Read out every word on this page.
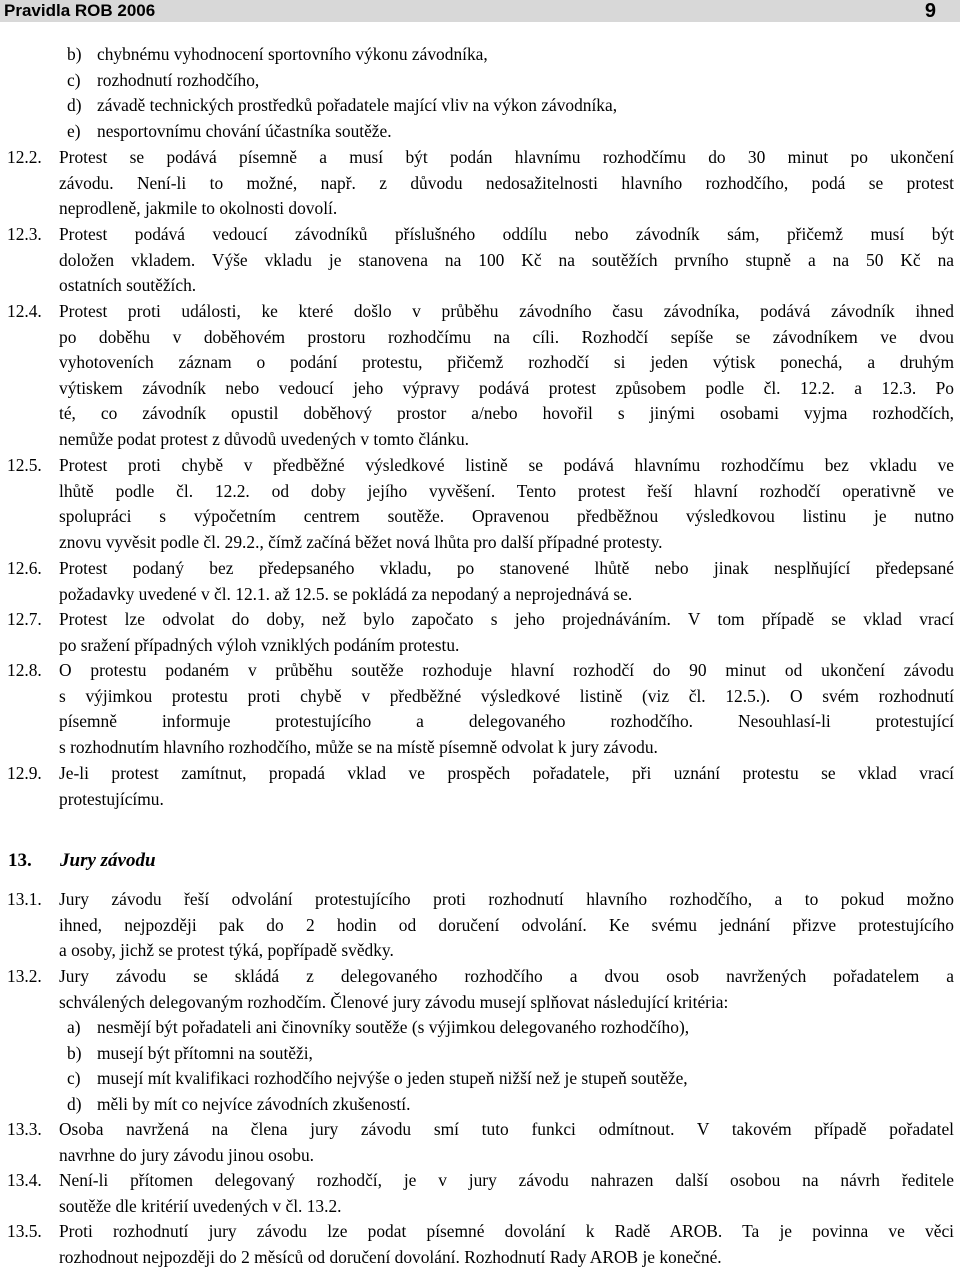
Pravidla ROB 2006	9
b) chybnému vyhodnocení sportovního výkonu závodníka,
c) rozhodnutí rozhodčího,
d) závadě technických prostředků pořadatele mající vliv na výkon závodníka,
e) nesportovnímu chování účastníka soutěže.
12.2. Protest se podává písemně a musí být podán hlavnímu rozhodčímu do 30 minut po ukončení
závodu. Není-li to možné, např. z důvodu nedosažitelnosti hlavního rozhodčího, podá se protest
neprodleně, jakmile to okolnosti dovolí.
12.3. Protest podává vedoucí závodníků příslušného oddílu nebo závodník sám, přičemž musí být
doložen vkladem. Výše vkladu je stanovena na 100 Kč na soutěžích prvního stupně a na 50 Kč na
ostatních soutěžích.
12.4. Protest proti události, ke které došlo v průběhu závodního času závodníka, podává závodník ihned
po doběhu v doběhovém prostoru rozhodčímu na cíli. Rozhodčí sepíše se závodníkem ve dvou
vyhotoveních záznam o podání protestu, přičemž rozhodčí si jeden výtisk ponechá, a druhým
výtiskem závodník nebo vedoucí jeho výpravy podává protest způsobem podle čl. 12.2. a 12.3. Po
té, co závodník opustil doběhový prostor a/nebo hovořil s jinými osobami vyjma rozhodčích,
nemůže podat protest z důvodů uvedených v tomto článku.
12.5. Protest proti chybě v předběžné výsledkové listině se podává hlavnímu rozhodčímu bez vkladu ve
lhůtě podle čl. 12.2. od doby jejího vyvěšení. Tento protest řeší hlavní rozhodčí operativně ve
spolupráci s výpočetním centrem soutěže. Opravenou předběžnou výsledkovou listinu je nutno
znovu vyvěsit podle čl. 29.2., čímž začíná běžet nová lhůta pro další případné protesty.
12.6. Protest podaný bez předepsaného vkladu, po stanovené lhůtě nebo jinak nesplňující předepsané
požadavky uvedené v čl. 12.1. až 12.5. se pokládá za nepodaný a neprojednává se.
12.7. Protest lze odvolat do doby, než bylo započato s jeho projednáváním. V tom případě se vklad vrací
po sražení případných výloh vzniklých podáním protestu.
12.8. O protestu podaném v průběhu soutěže rozhoduje hlavní rozhodčí do 90 minut od ukončení závodu
s výjimkou protestu proti chybě v předběžné výsledkové listině (viz čl. 12.5.). O svém rozhodnutí
písemně informuje protestujícího a delegovaného rozhodčího. Nesouhlasí-li protestující
s rozhodnutím hlavního rozhodčího, může se na místě písemně odvolat k jury závodu.
12.9. Je-li protest zamítnut, propadá vklad ve prospěch pořadatele, při uznání protestu se vklad vrací
protestujícímu.
13. Jury závodu
13.1. Jury závodu řeší odvolání protestujícího proti rozhodnutí hlavního rozhodčího, a to pokud možno
ihned, nejpozději pak do 2 hodin od doručení odvolání. Ke svému jednání přizve protestujícího
a osoby, jichž se protest týká, popřípadě svědky.
13.2. Jury závodu se skládá z delegovaného rozhodčího a dvou osob navržených pořadatelem a
schválených delegovaným rozhodčím. Členové jury závodu musejí splňovat následující kritéria:
a) nesmějí být pořadateli ani činovníky soutěže (s výjimkou delegovaného rozhodčího),
b) musejí být přítomni na soutěži,
c) musejí mít kvalifikaci rozhodčího nejvýše o jeden stupeň nižší než je stupeň soutěže,
d) měli by mít co nejvíce závodních zkušeností.
13.3. Osoba navržená na člena jury závodu smí tuto funkci odmítnout. V takovém případě pořadatel
navrhne do jury závodu jinou osobu.
13.4. Není-li přítomen delegovaný rozhodčí, je v jury závodu nahrazen další osobou na návrh ředitele
soutěže dle kritérií uvedených v čl. 13.2.
13.5. Proti rozhodnutí jury závodu lze podat písemné dovolání k Radě AROB. Ta je povinna ve věci
rozhodnout nejpozději do 2 měsíců od doručení dovolání. Rozhodnutí Rady AROB je konečné.
